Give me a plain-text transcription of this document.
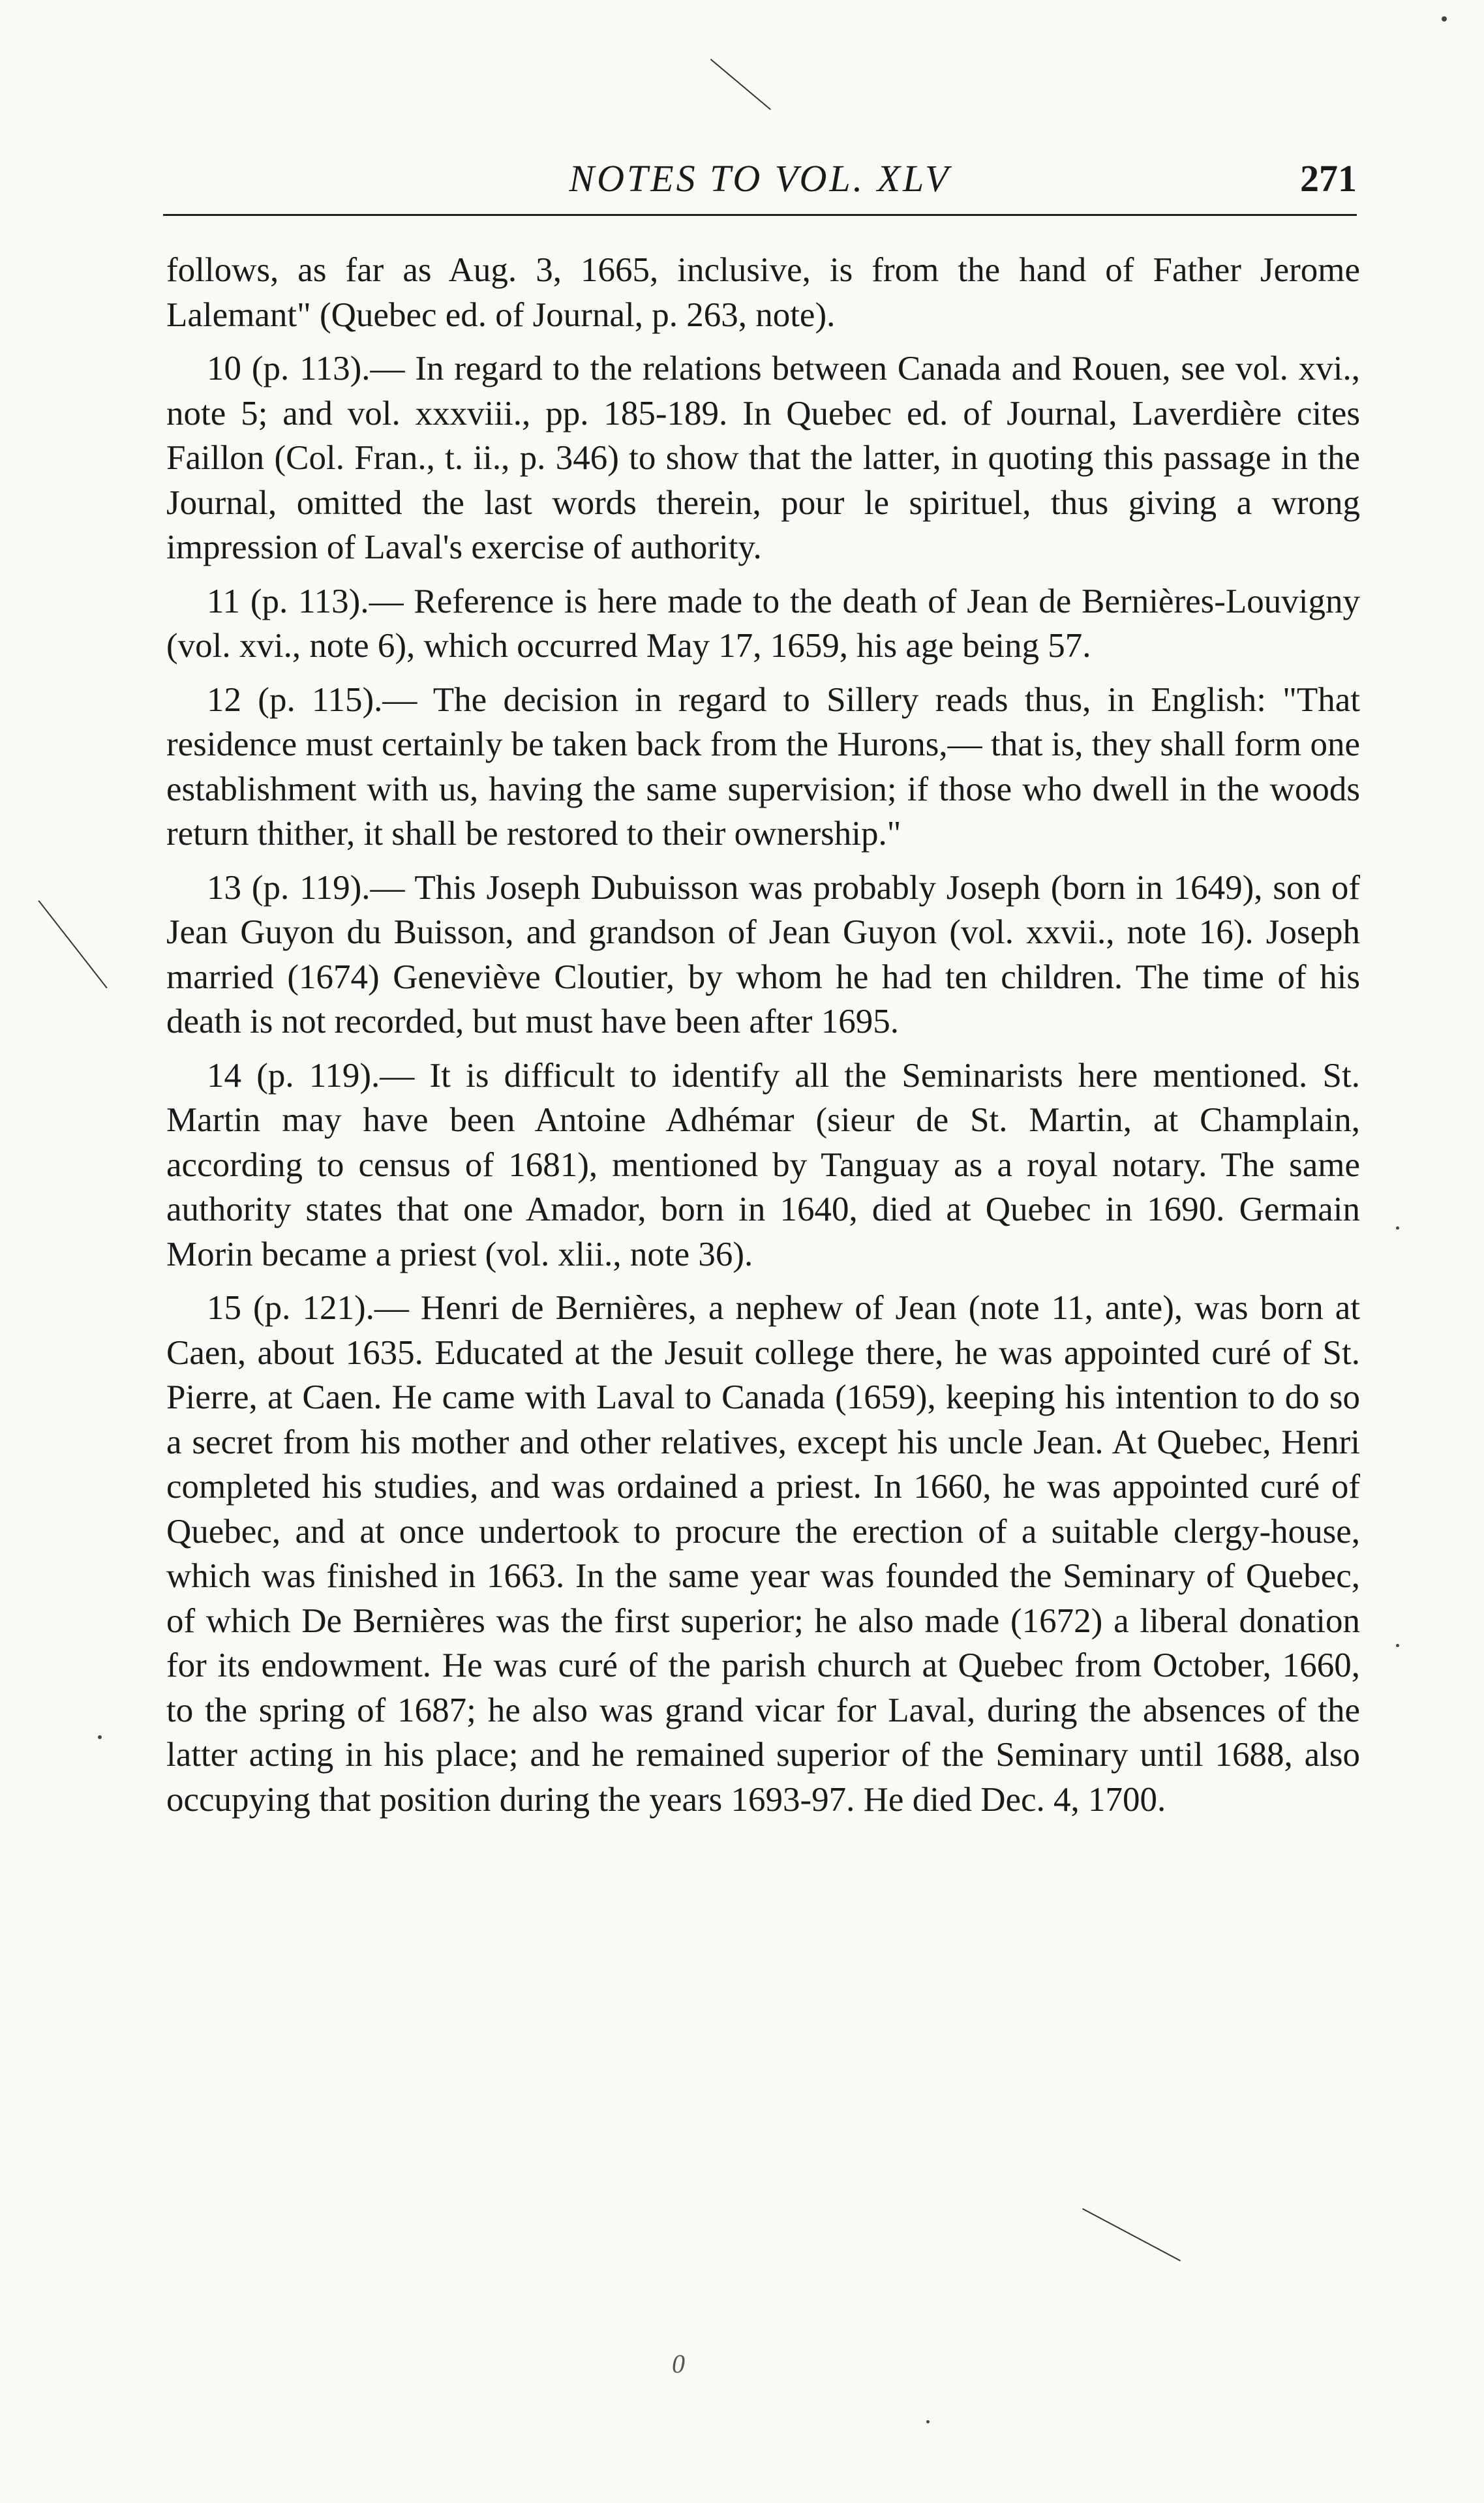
NOTES TO VOL. XLV	271

follows, as far as Aug. 3, 1665, inclusive, is from the hand of Father Jerome Lalemant" (Quebec ed. of Journal, p. 263, note).

10 (p. 113).— In regard to the relations between Canada and Rouen, see vol. xvi., note 5; and vol. xxxviii., pp. 185-189. In Quebec ed. of Journal, Laverdière cites Faillon (Col. Fran., t. ii., p. 346) to show that the latter, in quoting this passage in the Journal, omitted the last words therein, pour le spirituel, thus giving a wrong impression of Laval's exercise of authority.

11 (p. 113).— Reference is here made to the death of Jean de Bernières-Louvigny (vol. xvi., note 6), which occurred May 17, 1659, his age being 57.

12 (p. 115).— The decision in regard to Sillery reads thus, in English: "That residence must certainly be taken back from the Hurons,— that is, they shall form one establishment with us, having the same supervision; if those who dwell in the woods return thither, it shall be restored to their ownership."

13 (p. 119).— This Joseph Dubuisson was probably Joseph (born in 1649), son of Jean Guyon du Buisson, and grandson of Jean Guyon (vol. xxvii., note 16). Joseph married (1674) Geneviève Cloutier, by whom he had ten children. The time of his death is not recorded, but must have been after 1695.

14 (p. 119).— It is difficult to identify all the Seminarists here mentioned. St. Martin may have been Antoine Adhémar (sieur de St. Martin, at Champlain, according to census of 1681), mentioned by Tanguay as a royal notary. The same authority states that one Amador, born in 1640, died at Quebec in 1690. Germain Morin became a priest (vol. xlii., note 36).

15 (p. 121).— Henri de Bernières, a nephew of Jean (note 11, ante), was born at Caen, about 1635. Educated at the Jesuit college there, he was appointed curé of St. Pierre, at Caen. He came with Laval to Canada (1659), keeping his intention to do so a secret from his mother and other relatives, except his uncle Jean. At Quebec, Henri completed his studies, and was ordained a priest. In 1660, he was appointed curé of Quebec, and at once undertook to procure the erection of a suitable clergy-house, which was finished in 1663. In the same year was founded the Seminary of Quebec, of which De Bernières was the first superior; he also made (1672) a liberal donation for its endowment. He was curé of the parish church at Quebec from October, 1660, to the spring of 1687; he also was grand vicar for Laval, during the absences of the latter acting in his place; and he remained superior of the Seminary until 1688, also occupying that position during the years 1693-97. He died Dec. 4, 1700.

0
